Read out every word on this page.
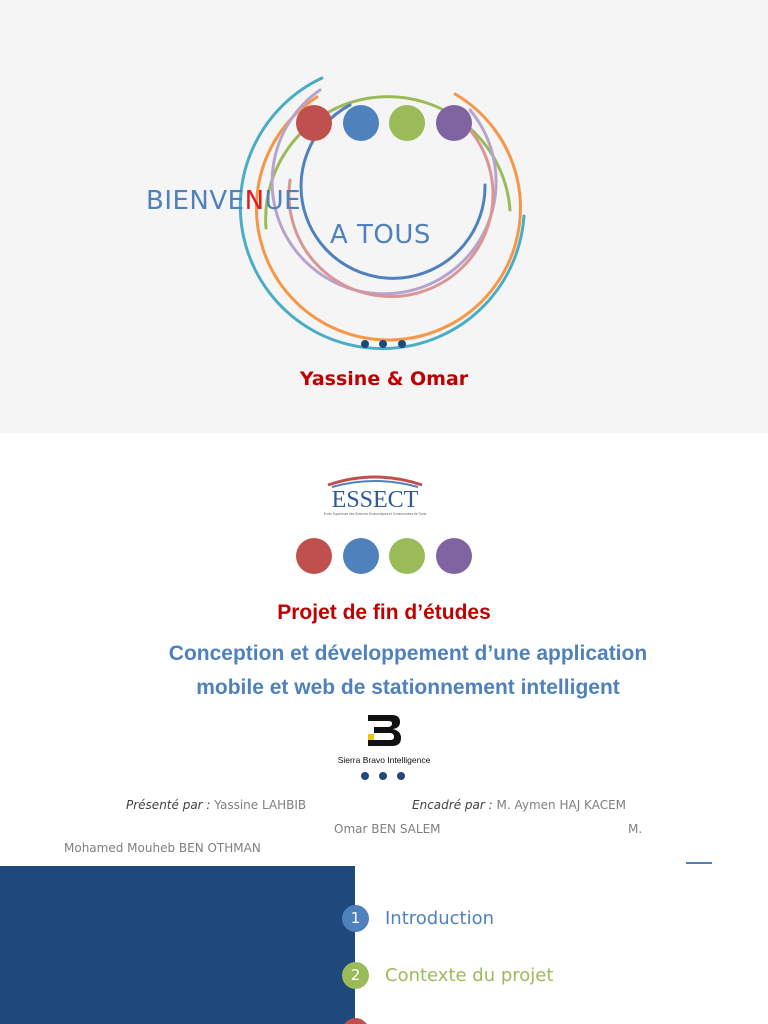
BIENVENUE
A TOUS
Yassine & Omar
ESSECT
École Supérieure des Sciences Économiques et Commerciales de Tunis
Projet de fin d’études
Conception et développement d’une application
mobile et web de stationnement intelligent
Sierra Bravo Intelligence
Présenté par : Yassine LAHBIB	Encadré par : M. Aymen HAJ KACEM
Omar BEN SALEM	M.
Mohamed Mouheb BEN OTHMAN
1	Introduction
2	Contexte du projet
